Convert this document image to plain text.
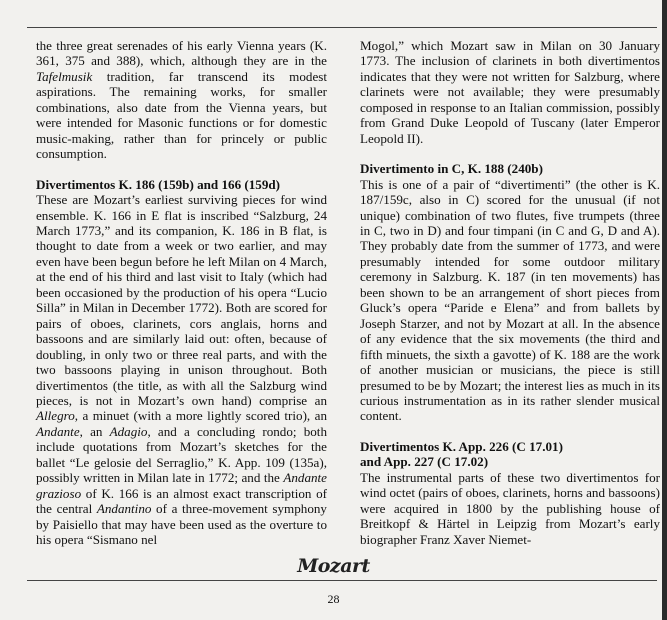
the three great serenades of his early Vienna years (K. 361, 375 and 388), which, although they are in the Tafelmusik tradition, far transcend its modest aspirations. The remaining works, for smaller combinations, also date from the Vienna years, but were intended for Masonic functions or for domestic music-making, rather than for princely or public consumption.

Divertimentos K. 186 (159b) and 166 (159d)

These are Mozart’s earliest surviving pieces for wind ensemble. K. 166 in E flat is inscribed “Salzburg, 24 March 1773,” and its companion, K. 186 in B flat, is thought to date from a week or two earlier, and may even have been begun before he left Milan on 4 March, at the end of his third and last visit to Italy (which had been occasioned by the production of his opera “Lucio Silla” in Milan in December 1772). Both are scored for pairs of oboes, clarinets, cors anglais, horns and bassoons and are similarly laid out: often, because of doubling, in only two or three real parts, and with the two bassoons playing in unison throughout. Both divertimentos (the title, as with all the Salzburg wind pieces, is not in Mozart’s own hand) comprise an Allegro, a minuet (with a more lightly scored trio), an Andante, an Adagio, and a concluding rondo; both include quotations from Mozart’s sketches for the ballet “Le gelosie del Serraglio,” K. App. 109 (135a), possibly written in Milan late in 1772; and the Andante grazioso of K. 166 is an almost exact transcription of the central Andantino of a three-movement symphony by Paisiello that may have been used as the overture to his opera “Sismano nel

Mogol,” which Mozart saw in Milan on 30 January 1773. The inclusion of clarinets in both divertimentos indicates that they were not written for Salzburg, where clarinets were not available; they were presumably composed in response to an Italian commission, possibly from Grand Duke Leopold of Tuscany (later Emperor Leopold II).

Divertimento in C, K. 188 (240b)

This is one of a pair of “divertimenti” (the other is K. 187/159c, also in C) scored for the unusual (if not unique) combination of two flutes, five trumpets (three in C, two in D) and four timpani (in C and G, D and A). They probably date from the summer of 1773, and were presumably intended for some outdoor military ceremony in Salzburg. K. 187 (in ten movements) has been shown to be an arrangement of short pieces from Gluck’s opera “Paride e Elena” and from ballets by Joseph Starzer, and not by Mozart at all. In the absence of any evidence that the six movements (the third and fifth minuets, the sixth a gavotte) of K. 188 are the work of another musician or musicians, the piece is still presumed to be by Mozart; the interest lies as much in its curious instrumentation as in its rather slender musical content.

Divertimentos K. App. 226 (C 17.01)
and App. 227 (C 17.02)

The instrumental parts of these two divertimentos for wind octet (pairs of oboes, clarinets, horns and bassoons) were acquired in 1800 by the publishing house of Breitkopf & Härtel in Leipzig from Mozart’s early biographer Franz Xaver Niemet-

Mozart
28
